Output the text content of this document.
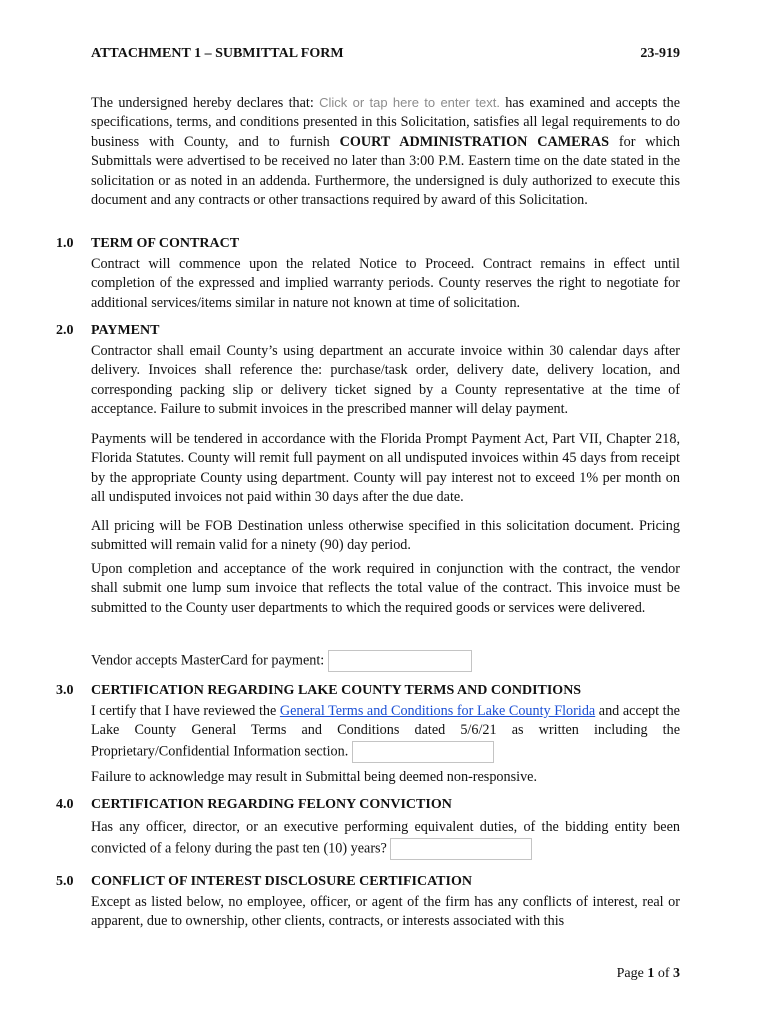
ATTACHMENT 1 – SUBMITTAL FORM	23-919
The undersigned hereby declares that: Click or tap here to enter text. has examined and accepts the specifications, terms, and conditions presented in this Solicitation, satisfies all legal requirements to do business with County, and to furnish COURT ADMINISTRATION CAMERAS for which Submittals were advertised to be received no later than 3:00 P.M. Eastern time on the date stated in the solicitation or as noted in an addenda. Furthermore, the undersigned is duly authorized to execute this document and any contracts or other transactions required by award of this Solicitation.
1.0 TERM OF CONTRACT
Contract will commence upon the related Notice to Proceed. Contract remains in effect until completion of the expressed and implied warranty periods. County reserves the right to negotiate for additional services/items similar in nature not known at time of solicitation.
2.0 PAYMENT
Contractor shall email County’s using department an accurate invoice within 30 calendar days after delivery. Invoices shall reference the: purchase/task order, delivery date, delivery location, and corresponding packing slip or delivery ticket signed by a County representative at the time of acceptance. Failure to submit invoices in the prescribed manner will delay payment.
Payments will be tendered in accordance with the Florida Prompt Payment Act, Part VII, Chapter 218, Florida Statutes. County will remit full payment on all undisputed invoices within 45 days from receipt by the appropriate County using department. County will pay interest not to exceed 1% per month on all undisputed invoices not paid within 30 days after the due date.
All pricing will be FOB Destination unless otherwise specified in this solicitation document. Pricing submitted will remain valid for a ninety (90) day period.
Upon completion and acceptance of the work required in conjunction with the contract, the vendor shall submit one lump sum invoice that reflects the total value of the contract. This invoice must be submitted to the County user departments to which the required goods or services were delivered.
Vendor accepts MasterCard for payment:
3.0 CERTIFICATION REGARDING LAKE COUNTY TERMS AND CONDITIONS
I certify that I have reviewed the General Terms and Conditions for Lake County Florida and accept the Lake County General Terms and Conditions dated 5/6/21 as written including the Proprietary/Confidential Information section.
Failure to acknowledge may result in Submittal being deemed non-responsive.
4.0 CERTIFICATION REGARDING FELONY CONVICTION
Has any officer, director, or an executive performing equivalent duties, of the bidding entity been convicted of a felony during the past ten (10) years?
5.0 CONFLICT OF INTEREST DISCLOSURE CERTIFICATION
Except as listed below, no employee, officer, or agent of the firm has any conflicts of interest, real or apparent, due to ownership, other clients, contracts, or interests associated with this
Page 1 of 3
